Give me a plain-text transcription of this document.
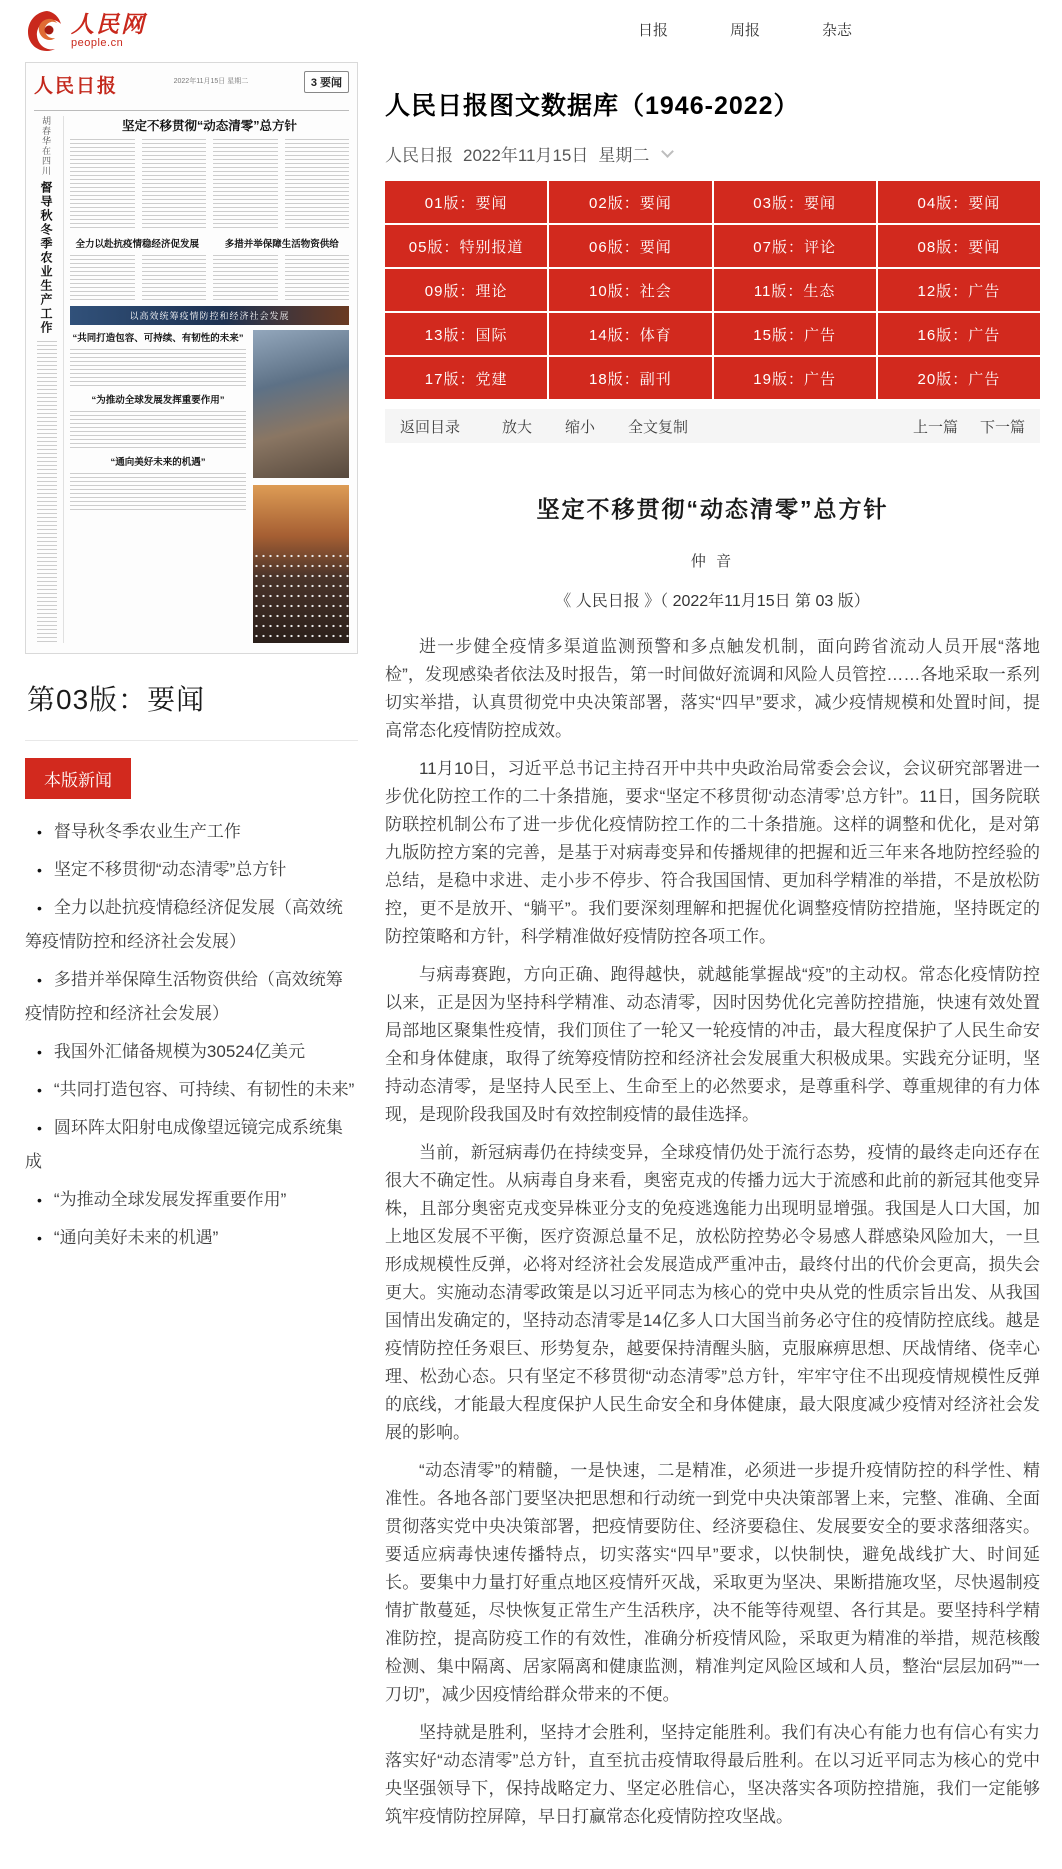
人民网
people.cn
日报	周报	杂志
人民日报	2022年11月15日 星期二	3 要闻
胡春华在四川
督导秋冬季农业生产工作
坚定不移贯彻“动态清零”总方针
全力以赴抗疫情稳经济促发展	多措并举保障生活物资供给
以高效统筹疫情防控和经济社会发展
“共同打造包容、可持续、有韧性的未来”
“为推动全球发展发挥重要作用”
“通向美好未来的机遇”
第03版：要闻
本版新闻
• 督导秋冬季农业生产工作
• 坚定不移贯彻“动态清零”总方针
• 全力以赴抗疫情稳经济促发展（高效统筹疫情防控和经济社会发展）
• 多措并举保障生活物资供给（高效统筹疫情防控和经济社会发展）
• 我国外汇储备规模为30524亿美元
• “共同打造包容、可持续、有韧性的未来”
• 圆环阵太阳射电成像望远镜完成系统集成
• “为推动全球发展发挥重要作用”
• “通向美好未来的机遇”
人民日报图文数据库（1946-2022）
人民日报 2022年11月15日 星期二
01版：要闻	02版：要闻	03版：要闻	04版：要闻
05版：特别报道	06版：要闻	07版：评论	08版：要闻
09版：理论	10版：社会	11版：生态	12版：广告
13版：国际	14版：体育	15版：广告	16版：广告
17版：党建	18版：副刊	19版：广告	20版：广告
返回目录	放大 缩小 全文复制	上一篇 下一篇
坚定不移贯彻“动态清零”总方针
仲 音
《 人民日报 》（ 2022年11月15日 第 03 版）

进一步健全疫情多渠道监测预警和多点触发机制，面向跨省流动人员开展“落地检”，发现感染者依法及时报告，第一时间做好流调和风险人员管控……各地采取一系列切实举措，认真贯彻党中央决策部署，落实“四早”要求，减少疫情规模和处置时间，提高常态化疫情防控成效。

11月10日，习近平总书记主持召开中共中央政治局常委会会议，会议研究部署进一步优化防控工作的二十条措施，要求“坚定不移贯彻‘动态清零’总方针”。11日，国务院联防联控机制公布了进一步优化疫情防控工作的二十条措施。这样的调整和优化，是对第九版防控方案的完善，是基于对病毒变异和传播规律的把握和近三年来各地防控经验的总结，是稳中求进、走小步不停步、符合我国国情、更加科学精准的举措，不是放松防控，更不是放开、“躺平”。我们要深刻理解和把握优化调整疫情防控措施，坚持既定的防控策略和方针，科学精准做好疫情防控各项工作。

与病毒赛跑，方向正确、跑得越快，就越能掌握战“疫”的主动权。常态化疫情防控以来，正是因为坚持科学精准、动态清零，因时因势优化完善防控措施，快速有效处置局部地区聚集性疫情，我们顶住了一轮又一轮疫情的冲击，最大程度保护了人民生命安全和身体健康，取得了统筹疫情防控和经济社会发展重大积极成果。实践充分证明，坚持动态清零，是坚持人民至上、生命至上的必然要求，是尊重科学、尊重规律的有力体现，是现阶段我国及时有效控制疫情的最佳选择。

当前，新冠病毒仍在持续变异，全球疫情仍处于流行态势，疫情的最终走向还存在很大不确定性。从病毒自身来看，奥密克戎的传播力远大于流感和此前的新冠其他变异株，且部分奥密克戎变异株亚分支的免疫逃逸能力出现明显增强。我国是人口大国，加上地区发展不平衡，医疗资源总量不足，放松防控势必令易感人群感染风险加大，一旦形成规模性反弹，必将对经济社会发展造成严重冲击，最终付出的代价会更高，损失会更大。实施动态清零政策是以习近平同志为核心的党中央从党的性质宗旨出发、从我国国情出发确定的，坚持动态清零是14亿多人口大国当前务必守住的疫情防控底线。越是疫情防控任务艰巨、形势复杂，越要保持清醒头脑，克服麻痹思想、厌战情绪、侥幸心理、松劲心态。只有坚定不移贯彻“动态清零”总方针，牢牢守住不出现疫情规模性反弹的底线，才能最大程度保护人民生命安全和身体健康，最大限度减少疫情对经济社会发展的影响。

“动态清零”的精髓，一是快速，二是精准，必须进一步提升疫情防控的科学性、精准性。各地各部门要坚决把思想和行动统一到党中央决策部署上来，完整、准确、全面贯彻落实党中央决策部署，把疫情要防住、经济要稳住、发展要安全的要求落细落实。要适应病毒快速传播特点，切实落实“四早”要求，以快制快，避免战线扩大、时间延长。要集中力量打好重点地区疫情歼灭战，采取更为坚决、果断措施攻坚，尽快遏制疫情扩散蔓延，尽快恢复正常生产生活秩序，决不能等待观望、各行其是。要坚持科学精准防控，提高防疫工作的有效性，准确分析疫情风险，采取更为精准的举措，规范核酸检测、集中隔离、居家隔离和健康监测，精准判定风险区域和人员，整治“层层加码”“一刀切”，减少因疫情给群众带来的不便。

坚持就是胜利，坚持才会胜利，坚持定能胜利。我们有决心有能力也有信心有实力落实好“动态清零”总方针，直至抗击疫情取得最后胜利。在以习近平同志为核心的党中央坚强领导下，保持战略定力、坚定必胜信心，坚决落实各项防控措施，我们一定能够筑牢疫情防控屏障，早日打赢常态化疫情防控攻坚战。
